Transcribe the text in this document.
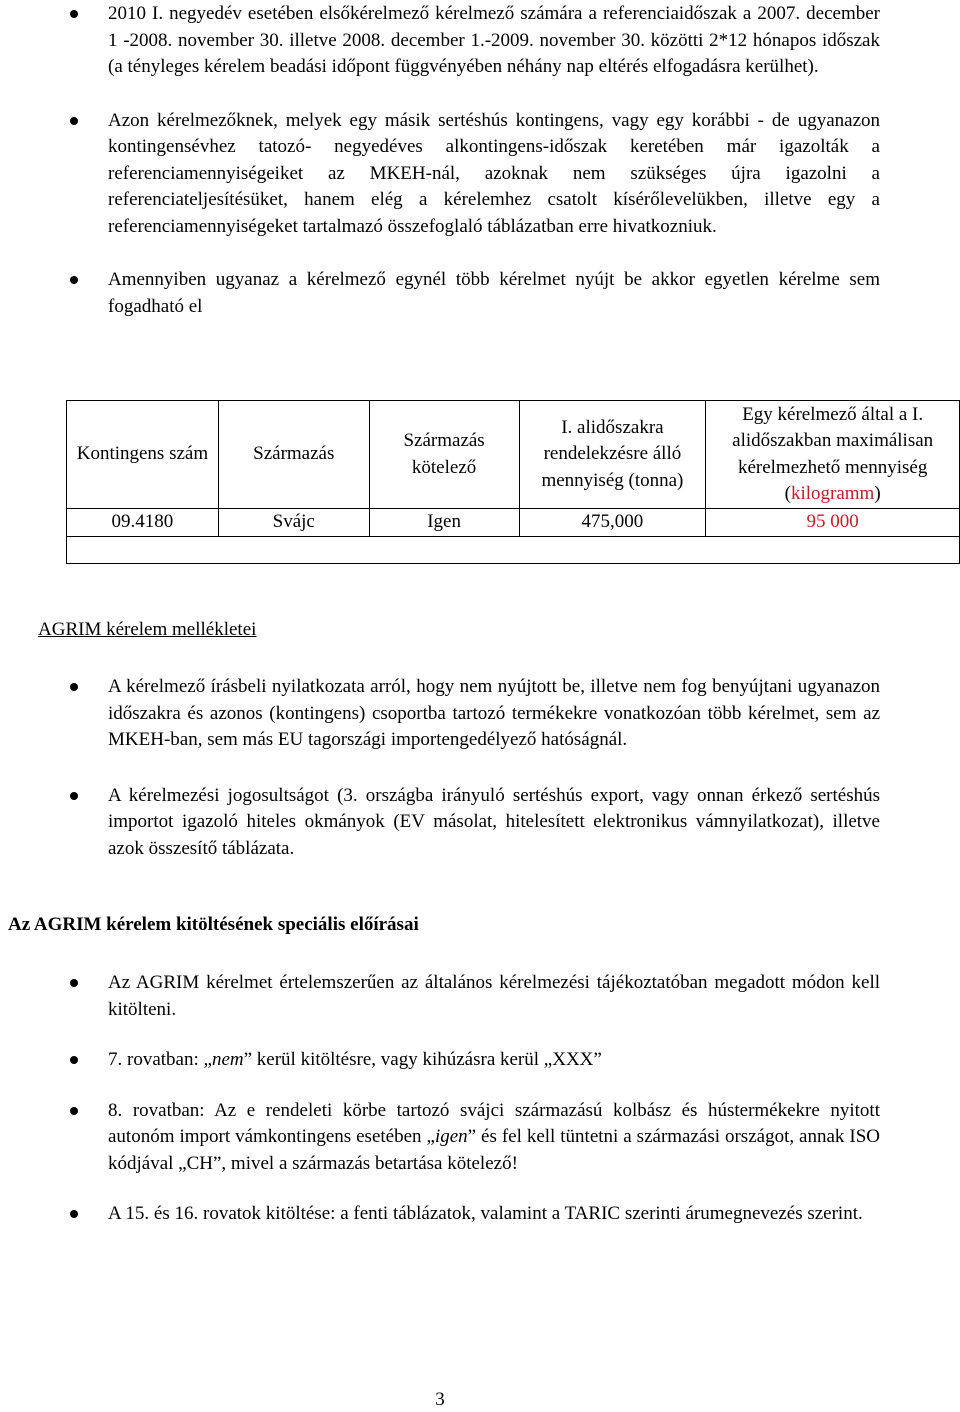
2010 I. negyedév esetében elsőkérelmező kérelmező számára a referenciaidőszak a 2007. december 1 -2008. november 30. illetve 2008. december 1.-2009. november 30. közötti 2*12 hónapos időszak (a tényleges kérelem beadási időpont függvényében néhány nap eltérés elfogadásra kerülhet).
Azon kérelmezőknek, melyek egy másik sertéshús kontingens, vagy egy korábbi - de ugyanazon kontingensévhez tatozó- negyedéves alkontingens-időszak keretében már igazolták a referenciamennyiségeiket az MKEH-nál, azoknak nem szükséges újra igazolni a referenciateljesítésüket, hanem elég a kérelemhez csatolt kísérőlevelükben, illetve egy a referenciamennyiségeket tartalmazó összefoglaló táblázatban erre hivatkozniuk.
Amennyiben ugyanaz a kérelmező egynél több kérelmet nyújt be akkor egyetlen kérelme sem fogadható el
Kontingens szám	Származás	Származás kötelező	I. alidőszakra rendelekzésre álló mennyiség (tonna)	Egy kérelmező által a I. alidőszakban maximálisan kérelmezhető mennyiség (kilogramm)
09.4180	Svájc	Igen	475,000	95 000

AGRIM kérelem mellékletei
A kérelmező írásbeli nyilatkozata arról, hogy nem nyújtott be, illetve nem fog benyújtani ugyanazon időszakra és azonos (kontingens) csoportba tartozó termékekre vonatkozóan több kérelmet, sem az MKEH-ban, sem más EU tagországi importengedélyező hatóságnál.
A kérelmezési jogosultságot (3. országba irányuló sertéshús export, vagy onnan érkező sertéshús importot igazoló hiteles okmányok (EV másolat, hitelesített elektronikus vámnyilatkozat), illetve azok összesítő táblázata.
Az AGRIM kérelem kitöltésének speciális előírásai
Az AGRIM kérelmet értelemszerűen az általános kérelmezési tájékoztatóban megadott módon kell kitölteni.
7. rovatban: „nem” kerül kitöltésre, vagy kihúzásra kerül „XXX”
8. rovatban: Az e rendeleti körbe tartozó svájci származású kolbász és hústermékekre nyitott autonóm import vámkontingens esetében „igen” és fel kell tüntetni a származási országot, annak ISO kódjával „CH”, mivel a származás betartása kötelező!
A 15. és 16. rovatok kitöltése: a fenti táblázatok, valamint a TARIC szerinti árumegnevezés szerint.
3
